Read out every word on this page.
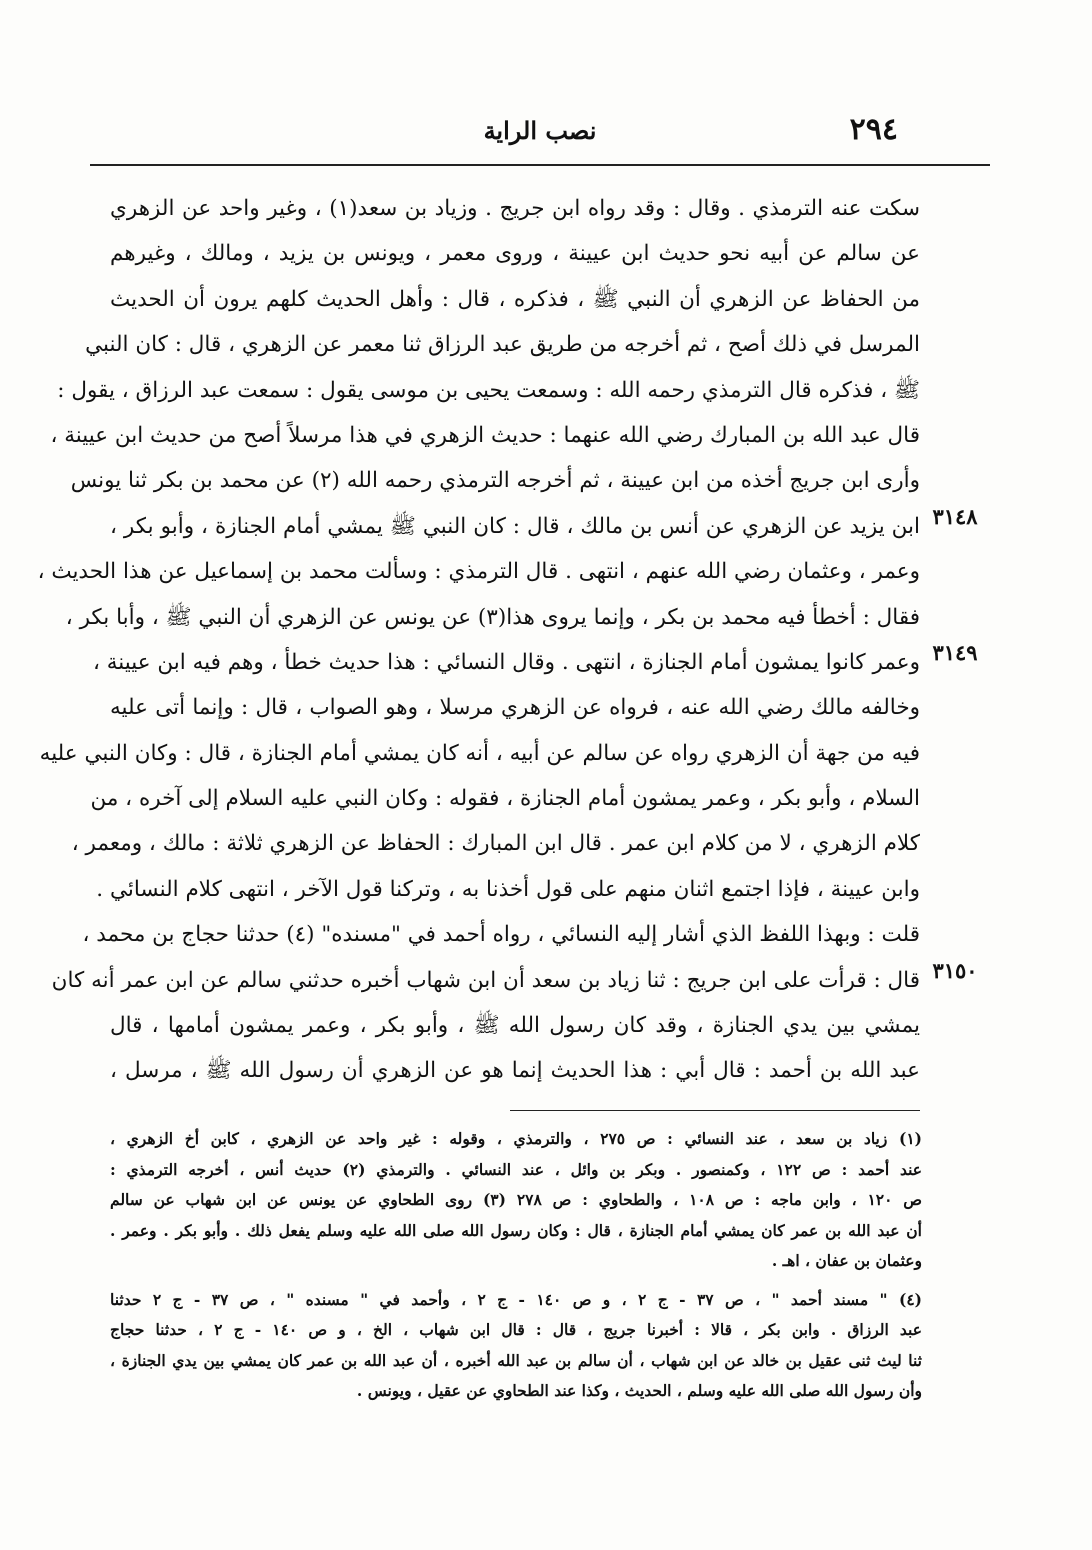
٢٩٤
نصب الراية
سكت عنه الترمذي . وقال : وقد رواه ابن جريج . وزياد بن سعد(١) ، وغير واحد عن الزهري
عن سالم عن أبيه نحو حديث ابن عيينة ، وروى معمر ، ويونس بن يزيد ، ومالك ، وغيرهم
من الحفاظ عن الزهري أن النبي ﷺ ، فذكره ، قال : وأهل الحديث كلهم يرون أن الحديث
المرسل في ذلك أصح ، ثم أخرجه من طريق عبد الرزاق ثنا معمر عن الزهري ، قال : كان النبي
ﷺ ، فذكره قال الترمذي رحمه الله : وسمعت يحيى بن موسى يقول : سمعت عبد الرزاق ، يقول :
قال عبد الله بن المبارك رضي الله عنهما : حديث الزهري في هذا مرسلاً أصح من حديث ابن عيينة ،
وأرى ابن جريج أخذه من ابن عيينة ، ثم أخرجه الترمذي رحمه الله (٢) عن محمد بن بكر ثنا يونس
ابن يزيد عن الزهري عن أنس بن مالك ، قال : كان النبي ﷺ يمشي أمام الجنازة ، وأبو بكر ،
وعمر ، وعثمان رضي الله عنهم ، انتهى . قال الترمذي : وسألت محمد بن إسماعيل عن هذا الحديث ،
فقال : أخطأ فيه محمد بن بكر ، وإنما يروى هذا(٣) عن يونس عن الزهري أن النبي ﷺ ، وأبا بكر ،
وعمر كانوا يمشون أمام الجنازة ، انتهى . وقال النسائي : هذا حديث خطأ ، وهم فيه ابن عيينة ،
وخالفه مالك رضي الله عنه ، فرواه عن الزهري مرسلا ، وهو الصواب ، قال : وإنما أتى عليه
فيه من جهة أن الزهري رواه عن سالم عن أبيه ، أنه كان يمشي أمام الجنازة ، قال : وكان النبي عليه
السلام ، وأبو بكر ، وعمر يمشون أمام الجنازة ، فقوله : وكان النبي عليه السلام إلى آخره ، من
كلام الزهري ، لا من كلام ابن عمر . قال ابن المبارك : الحفاظ عن الزهري ثلاثة : مالك ، ومعمر ،
وابن عيينة ، فإذا اجتمع اثنان منهم على قول أخذنا به ، وتركنا قول الآخر ، انتهى كلام النسائي .
قلت : وبهذا اللفظ الذي أشار إليه النسائي ، رواه أحمد في "مسنده" (٤) حدثنا حجاج بن محمد ،
قال : قرأت على ابن جريج : ثنا زياد بن سعد أن ابن شهاب أخبره حدثني سالم عن ابن عمر أنه كان
يمشي بين يدي الجنازة ، وقد كان رسول الله ﷺ ، وأبو بكر ، وعمر يمشون أمامها ، قال
عبد الله بن أحمد : قال أبي : هذا الحديث إنما هو عن الزهري أن رسول الله ﷺ ، مرسل ،
٣١٤٨
٣١٤٩
٣١٥٠
(١) زياد بن سعد ، عند النسائي : ص ٢٧٥ ، والترمذي ، وقوله : غير واحد عن الزهري ، كابن أخ الزهري ،
عند أحمد : ص ١٢٢ ، وكمنصور . وبكر بن وائل ، عند النسائي . والترمذي (٢) حديث أنس ، أخرجه الترمذي :
ص ١٢٠ ، وابن ماجه : ص ١٠٨ ، والطحاوي : ص ٢٧٨ (٣) روى الطحاوي عن يونس عن ابن شهاب عن سالم
أن عبد الله بن عمر كان يمشي أمام الجنازة ، قال : وكان رسول الله صلى الله عليه وسلم يفعل ذلك . وأبو بكر . وعمر .
وعثمان بن عفان ، اهـ .
(٤) " مسند أحمد " ، ص ٣٧ - ج ٢ ، و ص ١٤٠ - ج ٢ ، وأحمد في " مسنده " ، ص ٣٧ - ج ٢ حدثنا
عبد الرزاق . وابن بكر ، قالا : أخبرنا جريج ، قال : قال ابن شهاب ، الخ ، و ص ١٤٠ - ج ٢ ، حدثنا حجاج
ثنا ليث ثنى عقيل بن خالد عن ابن شهاب ، أن سالم بن عبد الله أخبره ، أن عبد الله بن عمر كان يمشي بين يدي الجنازة ،
وأن رسول الله صلى الله عليه وسلم ، الحديث ، وكذا عند الطحاوي عن عقيل ، ويونس .
